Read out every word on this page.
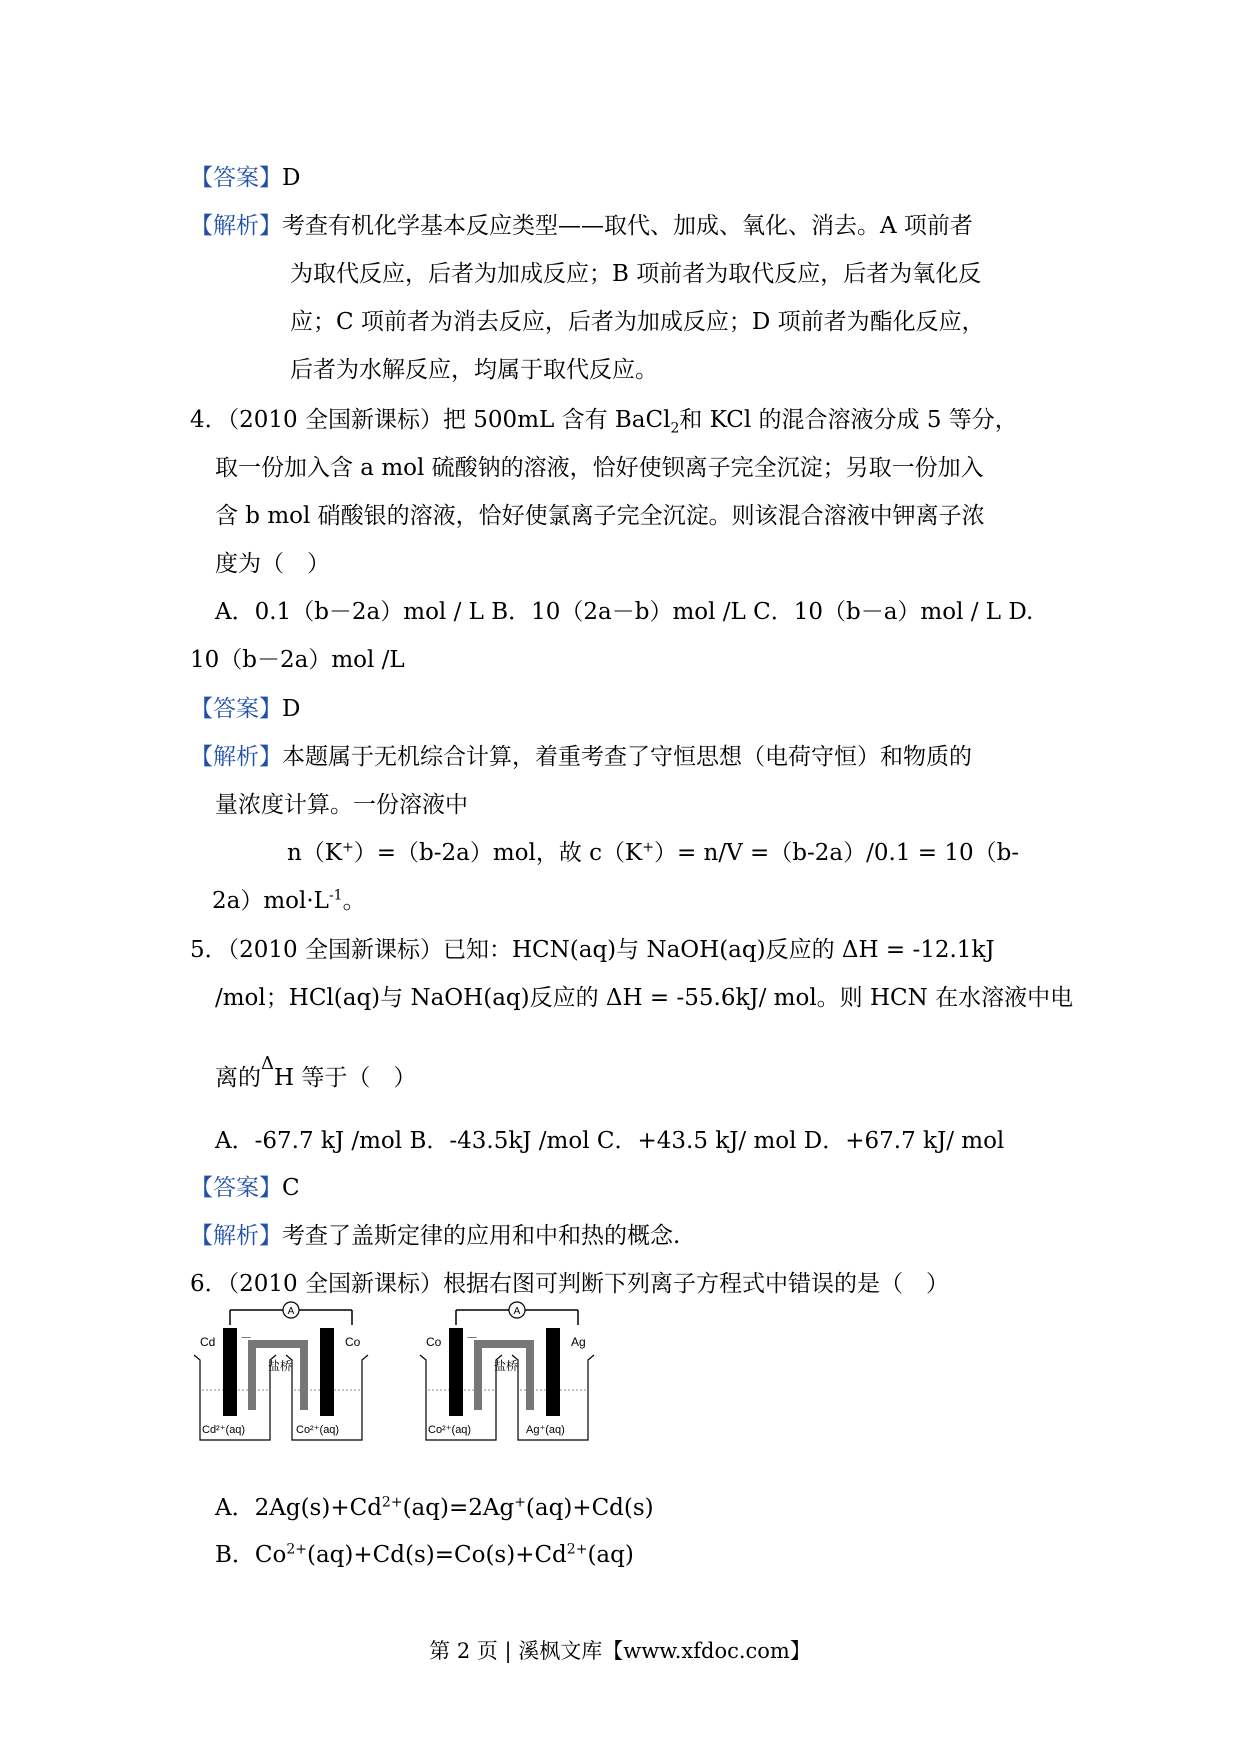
【答案】D
【解析】考查有机化学基本反应类型——取代、加成、氧化、消去。A 项前者
为取代反应，后者为加成反应；B 项前者为取代反应，后者为氧化反
应；C 项前者为消去反应，后者为加成反应；D 项前者为酯化反应，
后者为水解反应，均属于取代反应。
4．（2010 全国新课标）把 500mL 含有 BaCl$_2$和 KCl 的混合溶液分成 5 等分，
取一份加入含 a mol 硫酸钠的溶液，恰好使钡离子完全沉淀；另取一份加入
含 b mol 硝酸银的溶液，恰好使氯离子完全沉淀。则该混合溶液中钾离子浓
度为（　）
A．0.1（b－2a）mol / L B．10（2a－b）mol /L C．10（b－a）mol / L D.
10（b－2a）mol /L
【答案】D
【解析】本题属于无机综合计算，着重考查了守恒思想（电荷守恒）和物质的
量浓度计算。一份溶液中
n（K+）=（b-2a）mol，故 c（K+）= n/V =（b-2a）/0.1 = 10（b-
$2a)mol\cdot L^{-1}$。
5．（2010 全国新课标）已知：HCN(aq)与 NaOH(aq)反应的 ΔH = -12.1kJ
/mol；HCl(aq)与 NaOH(aq)反应的 ΔH = -55.6kJ/ mol。则 HCN 在水溶液中电
离的$^\Delta$H 等于（　）
A．-67.7 kJ /mol B．-43.5kJ /mol C．+43.5 kJ/ mol D．+67.7 kJ/ mol
【答案】C
【解析】考查了盖斯定律的应用和中和热的概念.
6．（2010 全国新课标）根据右图可判断下列离子方程式中错误的是（　）
A
Cd	Co
－
盐桥
Cd²⁺(aq)	Co²⁺(aq)
A
Co	Ag
－
盐桥
Co²⁺(aq)	Ag⁺(aq)
A．$2Ag(s)+Cd^{2+}(aq)=2Ag^+(aq)+Cd(s)$
B．$Co^{2+}(aq)+Cd(s)=Co(s)+Cd^{2+}(aq)$
第 2 页 | 溪枫文库【www.xfdoc.com】
